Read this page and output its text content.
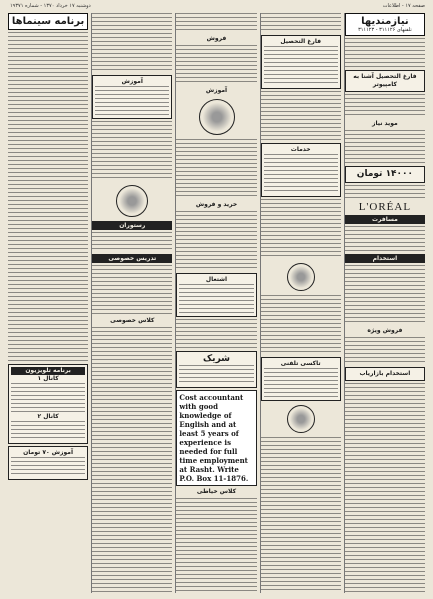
صفحه ۱۷ - اطلاعات
دوشنبه ۱۷ خرداد ۱۳۷۰ - شماره ۱۹۳۷۱
نیازمندیها
تلفنهای ۳۱۱۱۲۶ - ۳۱۱۱۲۳
فارغ التحصیل آشنا به کامپیوتر
موید نیاز
۱۴۰۰۰ تومان
L'ORÉAL
مسافرت
استخدام
فروش ویژه
استخدام بازاریاب
فارغ التحصیل
خدمات
تاکسی تلفنی
فروش
آموزش
خرید و فروش
اشتغال
شریک
Cost accountant with good knowledge of English and at least 5 years of experience is needed for full time employment at Rasht. Write P.O. Box 11-1876.
کلاس خیاطی
آموزش
رستوران
تدریس خصوصی
کلاس خصوصی
برنامه سینماها
برنامه تلویزیون
کانال ۱
کانال ۲
آموزش ۷۰ تومان
